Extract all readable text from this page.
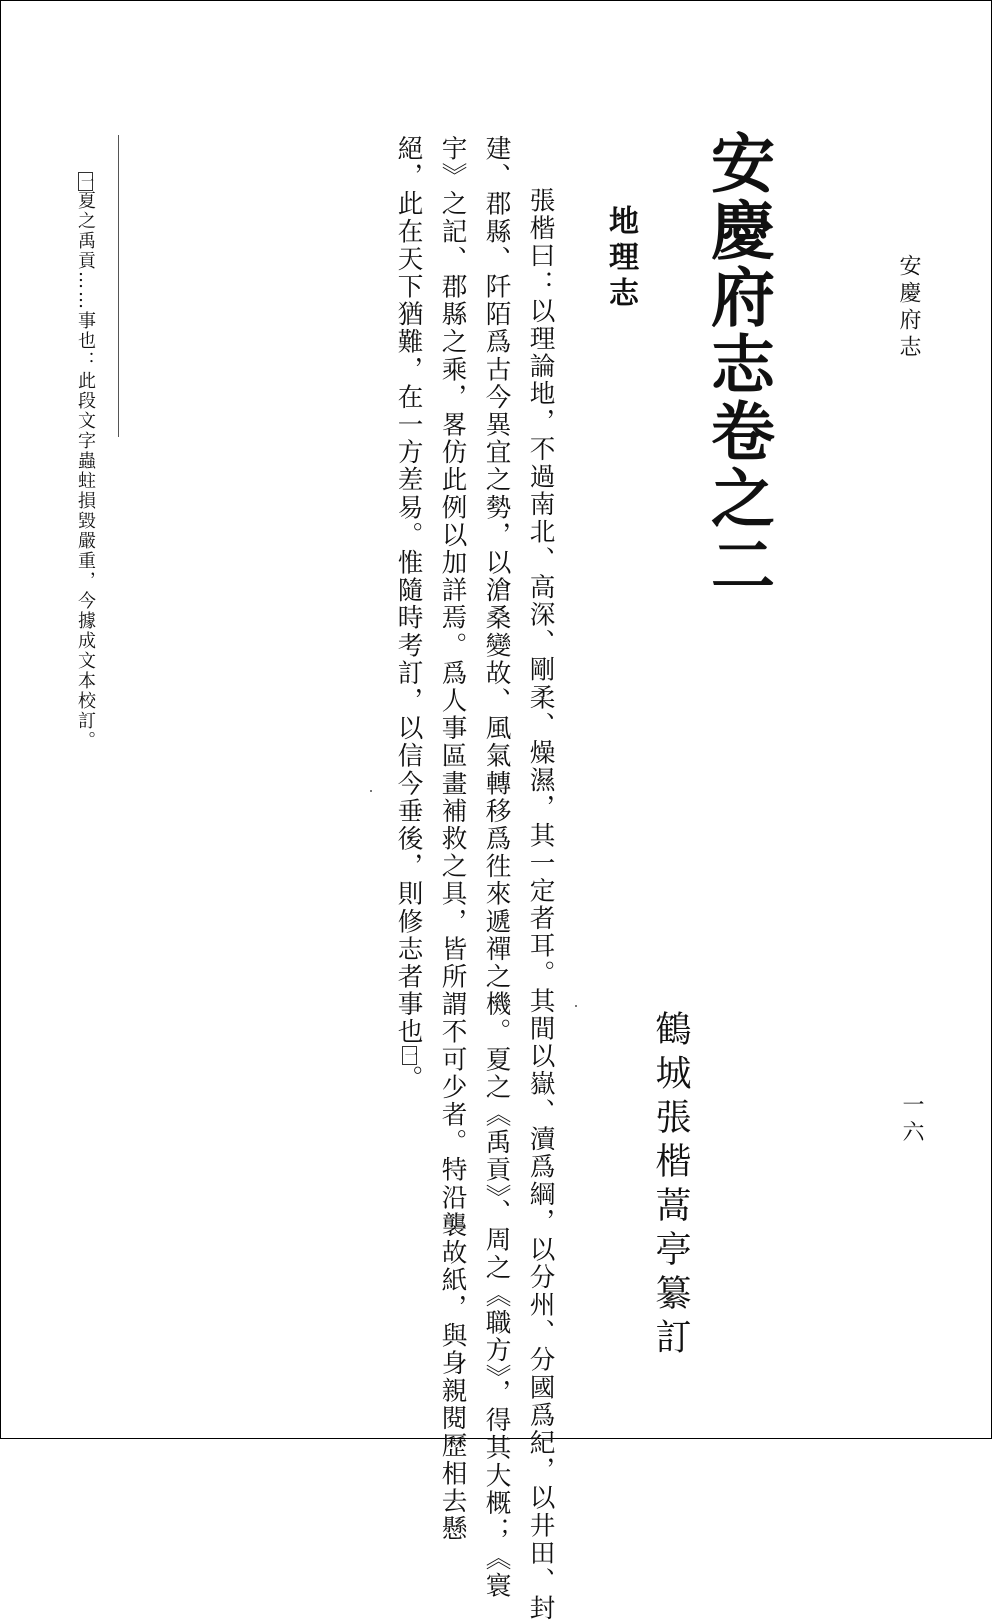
安慶府志
一六
安慶府志卷之二
鶴城張楷蒿亭纂訂
地理志
張楷曰：以理論地，不過南北、高深、剛柔、燥濕，其一定者耳。其間以嶽、瀆爲綱，以分州、分國爲紀，以井田、封
建、郡縣、阡陌爲古今異宜之勢，以滄桑變故、風氣轉移爲徃來遞禪之機。夏之《禹貢》、周之《職方》，得其大概；《寰
宇》之記、郡縣之乘，畧仿此例以加詳焉。爲人事區畫補救之具，皆所謂不可少者。特沿襲故紙，與身親閱歷相去懸
絕，此在天下猶難，在一方差易。惟隨時考訂，以信今垂後，則修志者事也一。
一夏之禹貢……事也：此段文字蟲蛀損毀嚴重，今據成文本校訂。
